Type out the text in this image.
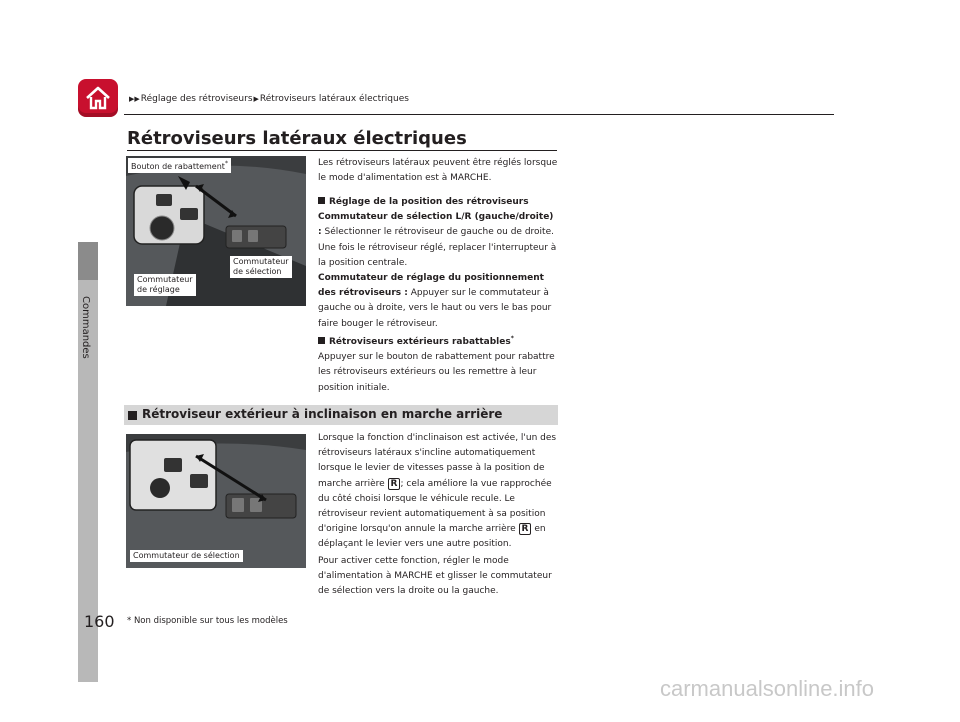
▶▶Réglage des rétroviseurs▶Rétroviseurs latéraux électriques
Commandes
160
Rétroviseurs latéraux électriques
Bouton de rabattement*
Commutateur
de sélection
Commutateur
de réglage
Les rétroviseurs latéraux peuvent être réglés lorsque le mode d'alimentation est à MARCHE.
Réglage de la position des rétroviseurs
Commutateur de sélection L/R (gauche/droite) : Sélectionner le rétroviseur de gauche ou de droite. Une fois le rétroviseur réglé, replacer l'interrupteur à la position centrale.
Commutateur de réglage du positionnement des rétroviseurs : Appuyer sur le commutateur à gauche ou à droite, vers le haut ou vers le bas pour faire bouger le rétroviseur.
Rétroviseurs extérieurs rabattables*
Appuyer sur le bouton de rabattement pour rabattre les rétroviseurs extérieurs ou les remettre à leur position initiale.
Rétroviseur extérieur à inclinaison en marche arrière
Commutateur de sélection
Lorsque la fonction d'inclinaison est activée, l'un des rétroviseurs latéraux s'incline automatiquement lorsque le levier de vitesses passe à la position de marche arrière R ; cela améliore la vue rapprochée du côté choisi lorsque le véhicule recule. Le rétroviseur revient automatiquement à sa position d'origine lorsqu'on annule la marche arrière R en déplaçant le levier vers une autre position.
Pour activer cette fonction, régler le mode d'alimentation à MARCHE et glisser le commutateur de sélection vers la droite ou la gauche.
* Non disponible sur tous les modèles
carmanualsonline.info
